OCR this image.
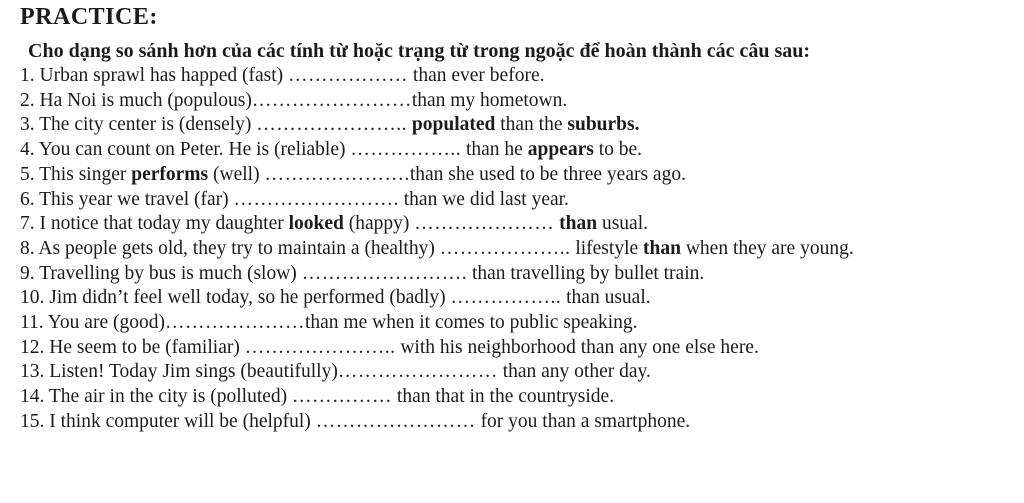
PRACTICE:
Cho dạng so sánh hơn của các tính từ hoặc trạng từ trong ngoặc để hoàn thành các câu sau:
1. Urban sprawl has happed (fast) ……………… than ever before.
2. Ha Noi is much (populous)……………………than my hometown.
3. The city center is (densely) ………………….. populated than the suburbs.
4. You can count on Peter. He is (reliable) …………….. than he appears to be.
5. This singer performs (well) ………………….than she used to be three years ago.
6. This year we travel (far) ……………………. than we did last year.
7. I notice that today my daughter looked (happy) ………………… than usual.
8. As people gets old, they try to maintain a (healthy) ……………….. lifestyle than when they are young.
9. Travelling by bus is much (slow) ……………………. than travelling by bullet train.
10. Jim didn’t feel well today, so he performed (badly) …………….. than usual.
11. You are (good)…………………than me when it comes to public speaking.
12. He seem to be (familiar) ………………….. with his neighborhood than any one else here.
13. Listen! Today Jim sings (beautifully)…………………… than any other day.
14. The air in the city is (polluted) …………… than that in the countryside.
15. I think computer will be (helpful) …………………… for you than a smartphone.
